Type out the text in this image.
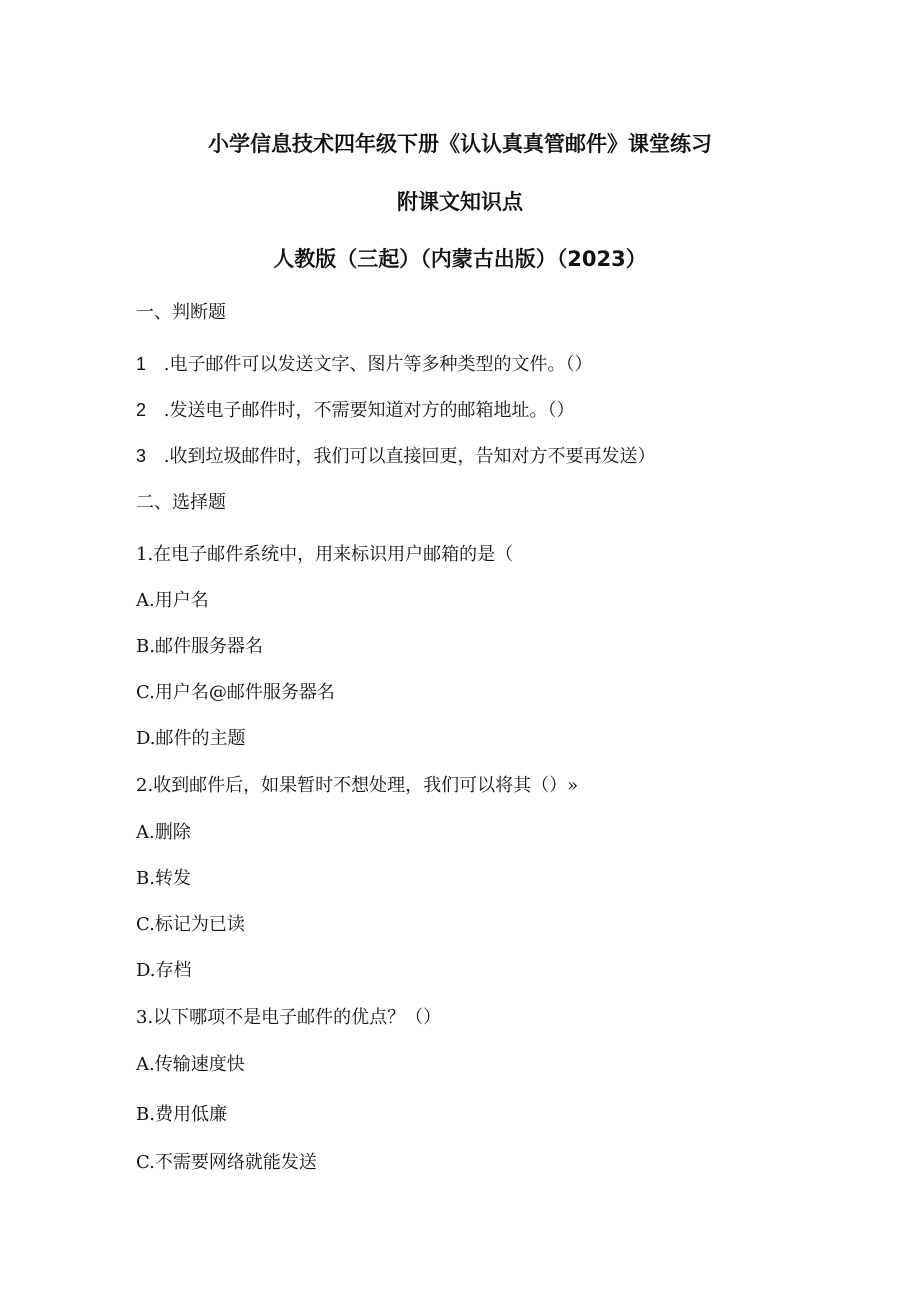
小学信息技术四年级下册《认认真真管邮件》课堂练习
附课文知识点
人教版（三起）（内蒙古出版）（2023）
一、判断题
1 .电子邮件可以发送文字、图片等多种类型的文件。（）
2 .发送电子邮件时，不需要知道对方的邮箱地址。（）
3 .收到垃圾邮件时，我们可以直接回更，告知对方不要再发送）
二、选择题
1.在电子邮件系统中，用来标识用户邮箱的是（
A.用户名
B.邮件服务器名
C.用户名@邮件服务器名
D.邮件的主题
2.收到邮件后，如果暂时不想处理，我们可以将其（）»
A.删除
B.转发
C.标记为已读
D.存档
3.以下哪项不是电子邮件的优点？（）
A.传输速度快
B.费用低廉
C.不需要网络就能发送
